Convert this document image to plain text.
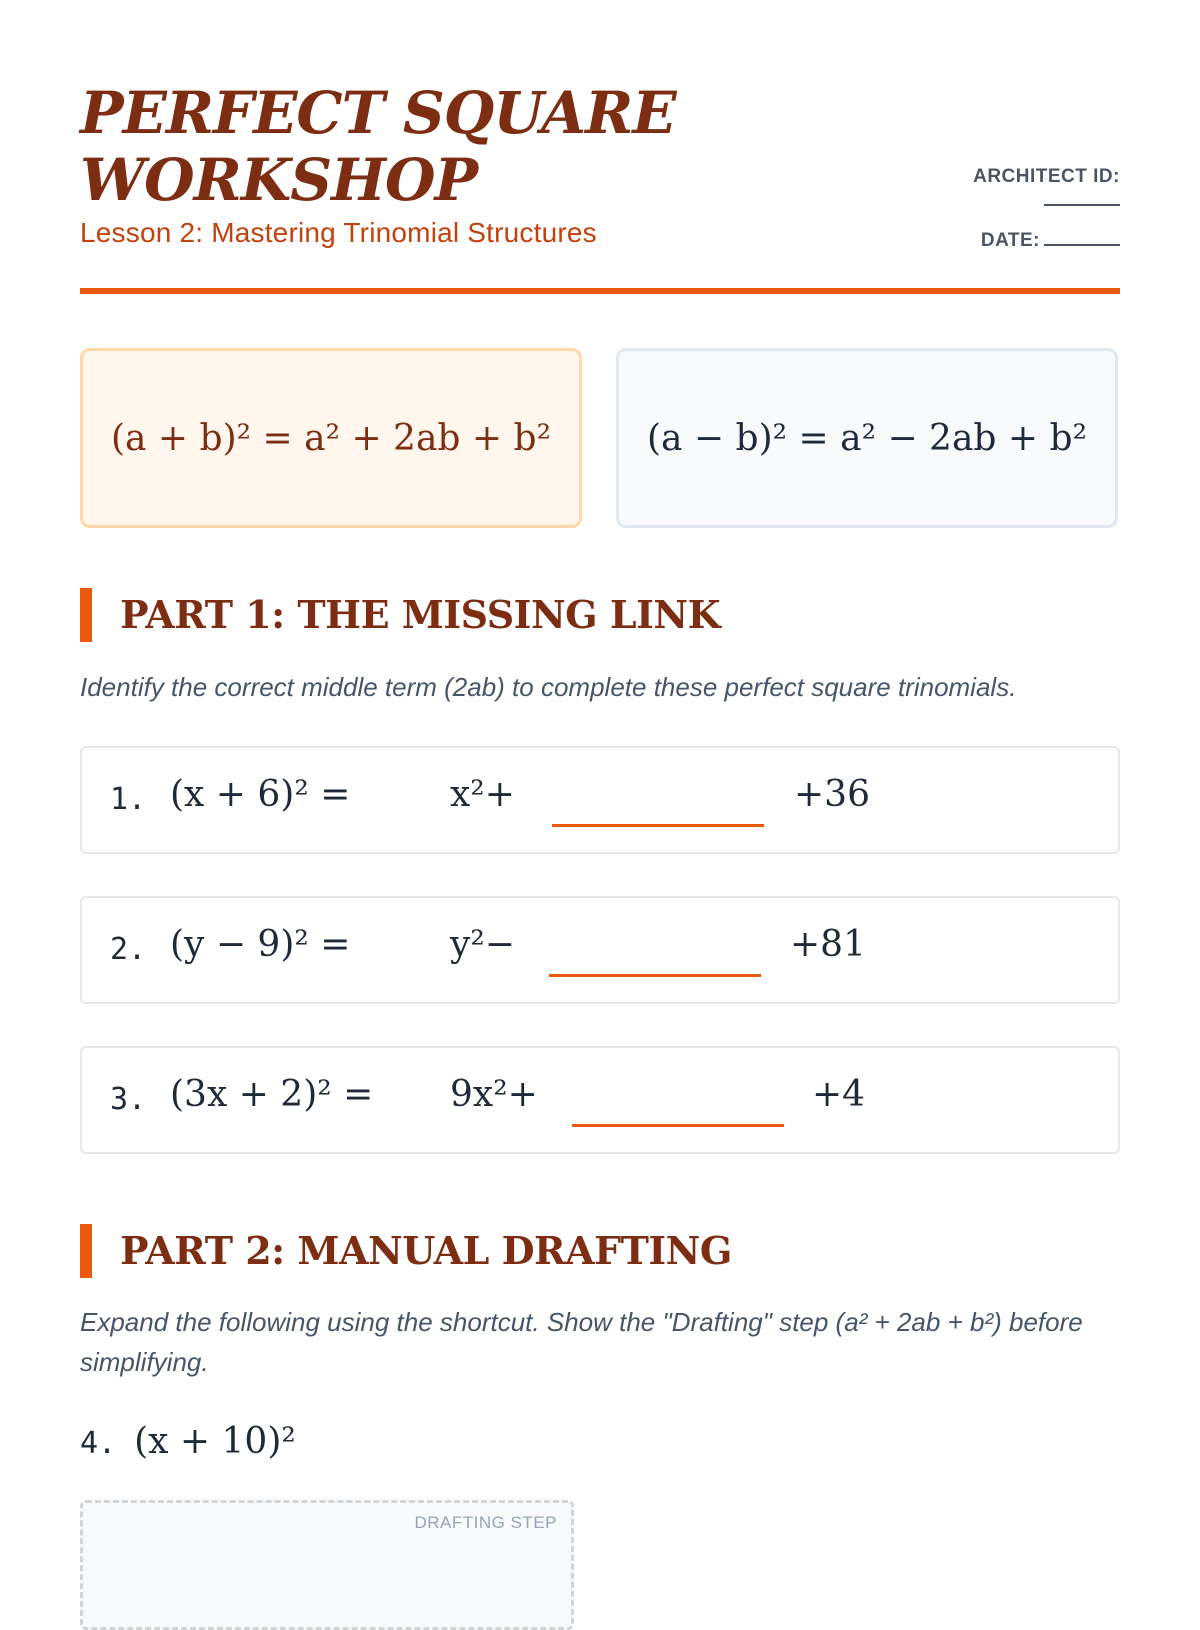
PERFECT SQUARE
WORKSHOP
Lesson 2: Mastering Trinomial Structures
ARCHITECT ID:
DATE:
(a + b)² = a² + 2ab + b²	(a − b)² = a² − 2ab + b²
PART 1: THE MISSING LINK
Identify the correct middle term (2ab) to complete these perfect square trinomials.
1. (x + 6)² =	x²+	+36
2. (y − 9)² =	y²−	+81
3. (3x + 2)² = 9x²+	+4
PART 2: MANUAL DRAFTING
Expand the following using the shortcut. Show the "Drafting" step (a² + 2ab + b²) before simplifying.
4. (x + 10)²
DRAFTING STEP
